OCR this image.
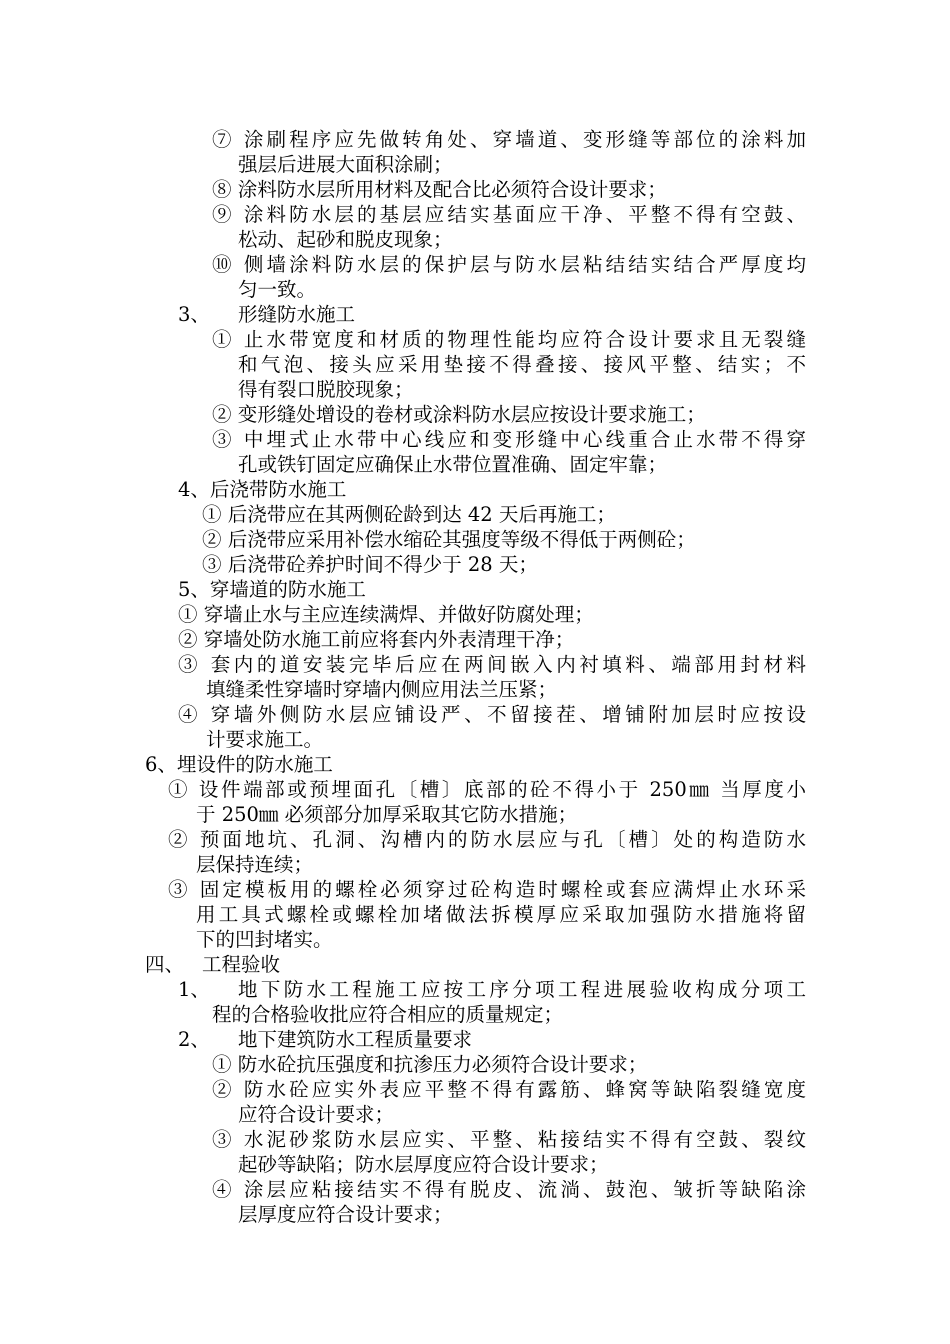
⑦ 涂刷程序应先做转角处、穿墙道、变形缝等部位的涂料加
强层后进展大面积涂刷；
⑧ 涂料防水层所用材料及配合比必须符合设计要求；
⑨ 涂料防水层的基层应结实基面应干净、平整不得有空鼓、
松动、起砂和脱皮现象；
⑩ 侧墙涂料防水层的保护层与防水层粘结结实结合严厚度均
匀一致。
3、 形缝防水施工
① 止水带宽度和材质的物理性能均应符合设计要求且无裂缝
和气泡、接头应采用垫接不得叠接、接风平整、结实；不
得有裂口脱胶现象；
② 变形缝处增设的卷材或涂料防水层应按设计要求施工；
③ 中埋式止水带中心线应和变形缝中心线重合止水带不得穿
孔或铁钉固定应确保止水带位置准确、固定牢靠；
4、后浇带防水施工
① 后浇带应在其两侧砼龄到达 42 天后再施工；
② 后浇带应采用补偿水缩砼其强度等级不得低于两侧砼；
③ 后浇带砼养护时间不得少于 28 天；
5、穿墙道的防水施工
① 穿墙止水与主应连续满焊、并做好防腐处理；
② 穿墙处防水施工前应将套内外表清理干净；
③ 套内的道安装完毕后应在两间嵌入内衬填料、端部用封材料
填缝柔性穿墙时穿墙内侧应用法兰压紧；
④ 穿墙外侧防水层应铺设严、不留接茬、增铺附加层时应按设
计要求施工。
6、埋设件的防水施工
① 设件端部或预埋面孔〔槽〕底部的砼不得小于 250㎜ 当厚度小
于 250㎜ 必须部分加厚采取其它防水措施；
② 预面地坑、孔洞、沟槽内的防水层应与孔〔槽〕处的构造防水
层保持连续；
③ 固定模板用的螺栓必须穿过砼构造时螺栓或套应满焊止水环采
用工具式螺栓或螺栓加堵做法拆模厚应采取加强防水措施将留
下的凹封堵实。
四、 工程验收
1、 地下防水工程施工应按工序分项工程进展验收构成分项工
程的合格验收批应符合相应的质量规定；
2、 地下建筑防水工程质量要求
① 防水砼抗压强度和抗渗压力必须符合设计要求；
② 防水砼应实外表应平整不得有露筋、蜂窝等缺陷裂缝宽度
应符合设计要求；
③ 水泥砂浆防水层应实、平整、粘接结实不得有空鼓、裂纹
起砂等缺陷；防水层厚度应符合设计要求；
④ 涂层应粘接结实不得有脱皮、流淌、鼓泡、皱折等缺陷涂
层厚度应符合设计要求；
